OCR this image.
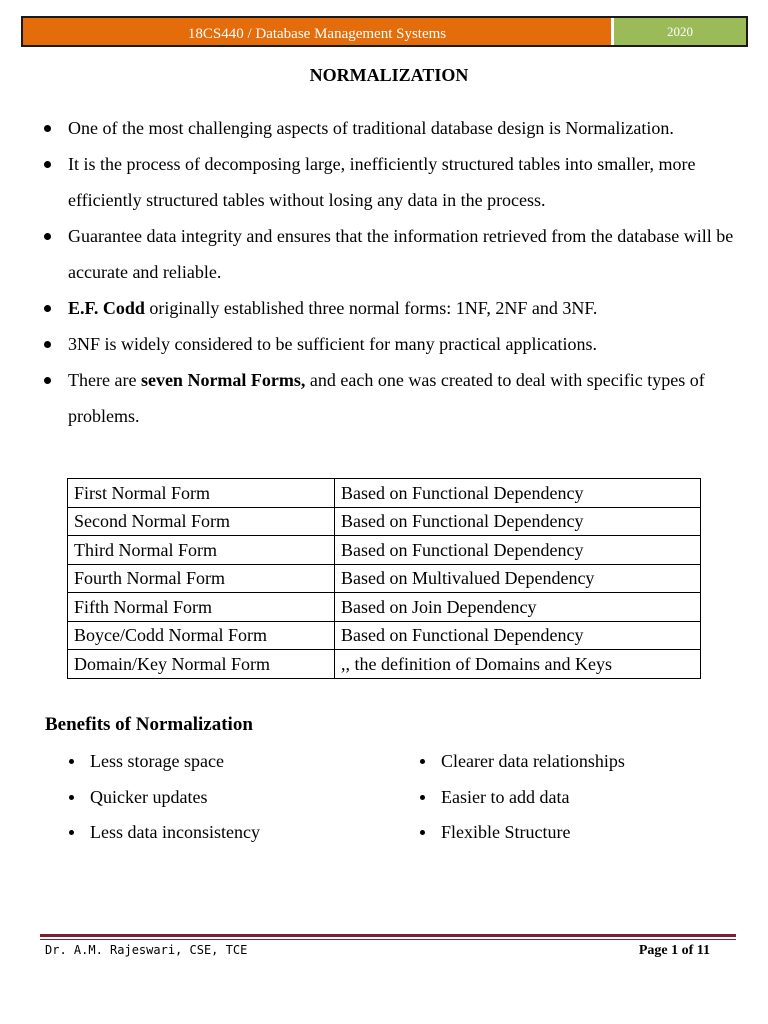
18CS440 / Database Management Systems	2020
NORMALIZATION
One of the most challenging aspects of traditional database design is Normalization.
It is the process of decomposing large, inefficiently structured tables into smaller, more efficiently structured tables without losing any data in the process.
Guarantee data integrity and ensures that the information retrieved from the database will be accurate and reliable.
E.F. Codd originally established three normal forms: 1NF, 2NF and 3NF.
3NF is widely considered to be sufficient for many practical applications.
There are seven Normal Forms, and each one was created to deal with specific types of problems.
First Normal Form	Based on Functional Dependency
Second Normal Form	Based on Functional Dependency
Third Normal Form	Based on Functional Dependency
Fourth Normal Form	Based on Multivalued Dependency
Fifth Normal Form	Based on Join Dependency
Boyce/Codd Normal Form	Based on Functional Dependency
Domain/Key Normal Form	,, the definition of Domains and Keys
Benefits of Normalization
Less storage space
Quicker updates
Less data inconsistency
Clearer data relationships
Easier to add data
Flexible Structure
Dr. A.M. Rajeswari, CSE, TCE	Page 1 of 11
